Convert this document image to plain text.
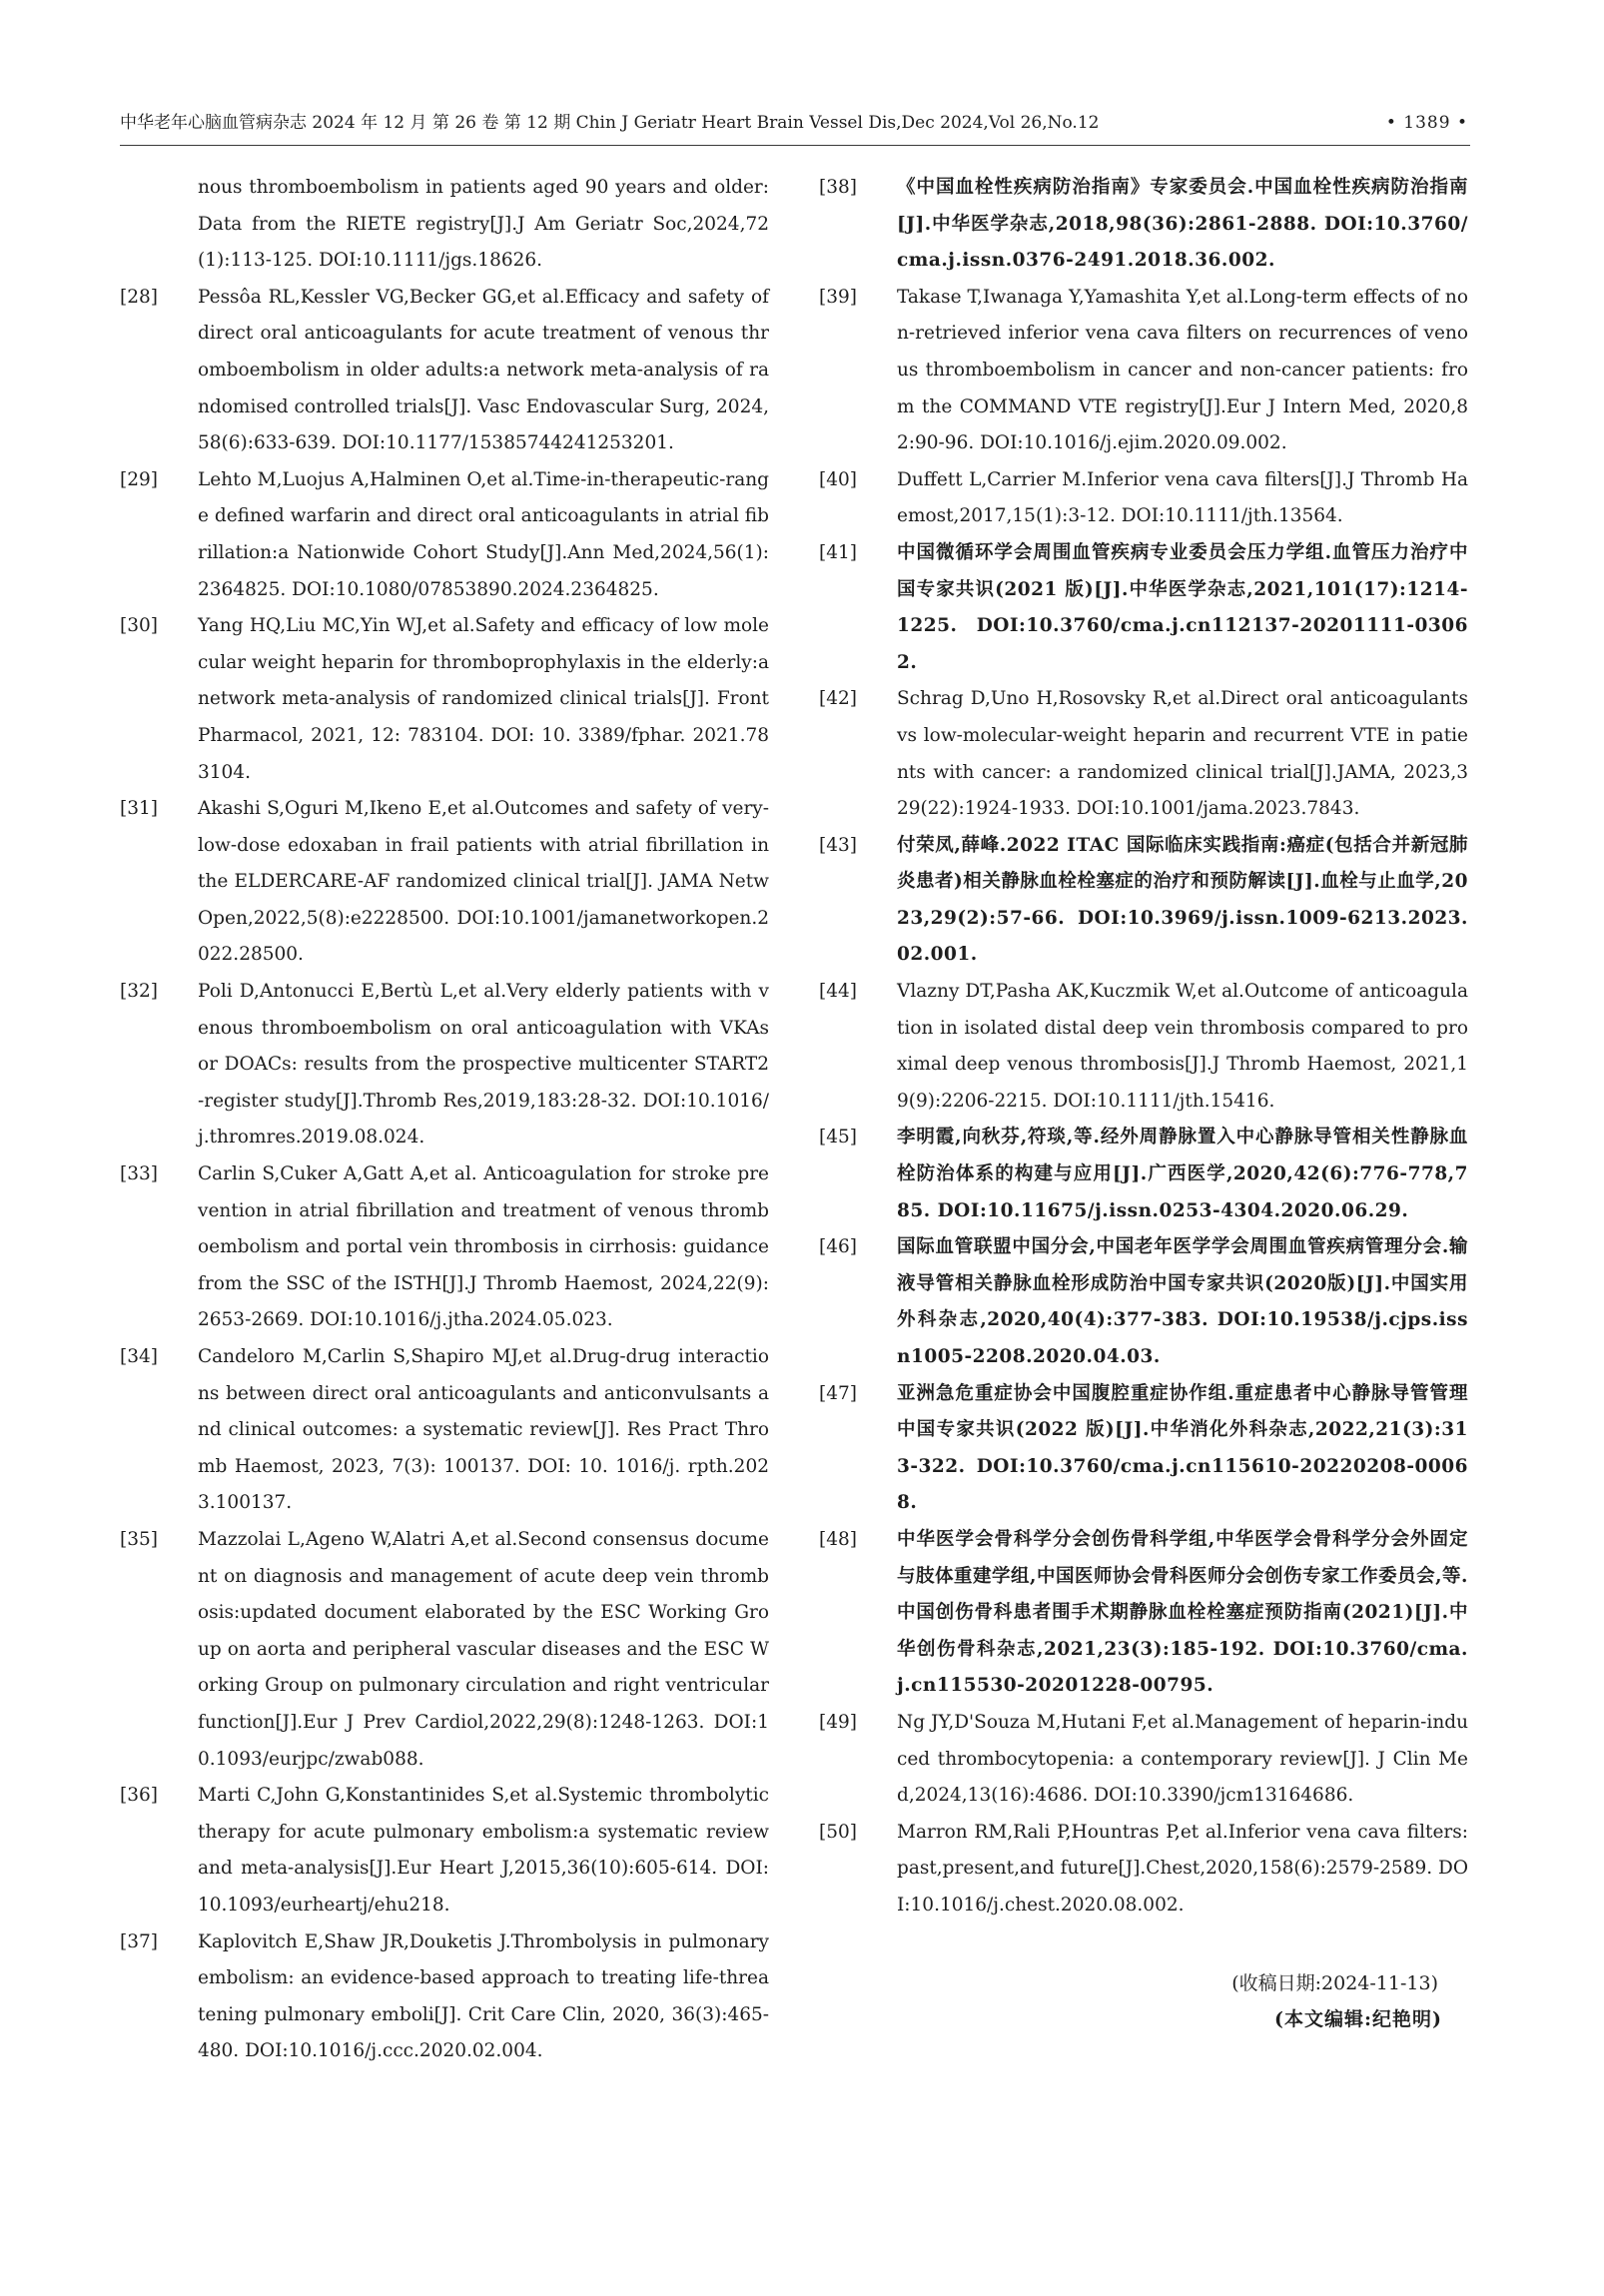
中华老年心脑血管病杂志 2024 年 12 月 第 26 卷 第 12 期 Chin J Geriatr Heart Brain Vessel Dis,Dec 2024,Vol 26,No.12	• 1389 •
nous thromboembolism in patients aged 90 years and older: Data from the RIETE registry[J].J Am Geriatr Soc,2024,72(1):113-125. DOI:10.1111/jgs.18626.
[28]	Pessôa RL,Kessler VG,Becker GG,et al.Efficacy and safety of direct oral anticoagulants for acute treatment of venous thromboembolism in older adults:a network meta-analysis of randomised controlled trials[J]. Vasc Endovascular Surg, 2024,58(6):633-639. DOI:10.1177/15385744241253201.
[29]	Lehto M,Luojus A,Halminen O,et al.Time-in-therapeutic-range defined warfarin and direct oral anticoagulants in atrial fibrillation:a Nationwide Cohort Study[J].Ann Med,2024,56(1):2364825. DOI:10.1080/07853890.2024.2364825.
[30]	Yang HQ,Liu MC,Yin WJ,et al.Safety and efficacy of low molecular weight heparin for thromboprophylaxis in the elderly:a network meta-analysis of randomized clinical trials[J]. Front Pharmacol, 2021, 12: 783104. DOI: 10. 3389/fphar. 2021.783104.
[31]	Akashi S,Oguri M,Ikeno E,et al.Outcomes and safety of very-low-dose edoxaban in frail patients with atrial fibrillation in the ELDERCARE-AF randomized clinical trial[J]. JAMA Netw Open,2022,5(8):e2228500. DOI:10.1001/jamanetworkopen.2022.28500.
[32]	Poli D,Antonucci E,Bertù L,et al.Very elderly patients with venous thromboembolism on oral anticoagulation with VKAs or DOACs: results from the prospective multicenter START2-register study[J].Thromb Res,2019,183:28-32. DOI:10.1016/j.thromres.2019.08.024.
[33]	Carlin S,Cuker A,Gatt A,et al. Anticoagulation for stroke prevention in atrial fibrillation and treatment of venous thromboembolism and portal vein thrombosis in cirrhosis: guidance from the SSC of the ISTH[J].J Thromb Haemost, 2024,22(9):2653-2669. DOI:10.1016/j.jtha.2024.05.023.
[34]	Candeloro M,Carlin S,Shapiro MJ,et al.Drug-drug interactions between direct oral anticoagulants and anticonvulsants and clinical outcomes: a systematic review[J]. Res Pract Thromb Haemost, 2023, 7(3): 100137. DOI: 10. 1016/j. rpth.2023.100137.
[35]	Mazzolai L,Ageno W,Alatri A,et al.Second consensus document on diagnosis and management of acute deep vein thrombosis:updated document elaborated by the ESC Working Group on aorta and peripheral vascular diseases and the ESC Working Group on pulmonary circulation and right ventricular function[J].Eur J Prev Cardiol,2022,29(8):1248-1263. DOI:10.1093/eurjpc/zwab088.
[36]	Marti C,John G,Konstantinides S,et al.Systemic thrombolytic therapy for acute pulmonary embolism:a systematic review and meta-analysis[J].Eur Heart J,2015,36(10):605-614. DOI:10.1093/eurheartj/ehu218.
[37]	Kaplovitch E,Shaw JR,Douketis J.Thrombolysis in pulmonary embolism: an evidence-based approach to treating life-threatening pulmonary emboli[J]. Crit Care Clin, 2020, 36(3):465-480. DOI:10.1016/j.ccc.2020.02.004.
[38]	《中国血栓性疾病防治指南》专家委员会.中国血栓性疾病防治指南[J].中华医学杂志,2018,98(36):2861-2888. DOI:10.3760/cma.j.issn.0376-2491.2018.36.002.
[39]	Takase T,Iwanaga Y,Yamashita Y,et al.Long-term effects of non-retrieved inferior vena cava filters on recurrences of venous thromboembolism in cancer and non-cancer patients: from the COMMAND VTE registry[J].Eur J Intern Med, 2020,82:90-96. DOI:10.1016/j.ejim.2020.09.002.
[40]	Duffett L,Carrier M.Inferior vena cava filters[J].J Thromb Haemost,2017,15(1):3-12. DOI:10.1111/jth.13564.
[41]	中国微循环学会周围血管疾病专业委员会压力学组.血管压力治疗中国专家共识(2021 版)[J].中华医学杂志,2021,101(17):1214-1225. DOI:10.3760/cma.j.cn112137-20201111-03062.
[42]	Schrag D,Uno H,Rosovsky R,et al.Direct oral anticoagulants vs low-molecular-weight heparin and recurrent VTE in patients with cancer: a randomized clinical trial[J].JAMA, 2023,329(22):1924-1933. DOI:10.1001/jama.2023.7843.
[43]	付荣凤,薛峰.2022 ITAC 国际临床实践指南:癌症(包括合并新冠肺炎患者)相关静脉血栓栓塞症的治疗和预防解读[J].血栓与止血学,2023,29(2):57-66. DOI:10.3969/j.issn.1009-6213.2023.02.001.
[44]	Vlazny DT,Pasha AK,Kuczmik W,et al.Outcome of anticoagulation in isolated distal deep vein thrombosis compared to proximal deep venous thrombosis[J].J Thromb Haemost, 2021,19(9):2206-2215. DOI:10.1111/jth.15416.
[45]	李明霞,向秋芬,符琰,等.经外周静脉置入中心静脉导管相关性静脉血栓防治体系的构建与应用[J].广西医学,2020,42(6):776-778,785. DOI:10.11675/j.issn.0253-4304.2020.06.29.
[46]	国际血管联盟中国分会,中国老年医学学会周围血管疾病管理分会.输液导管相关静脉血栓形成防治中国专家共识(2020版)[J].中国实用外科杂志,2020,40(4):377-383. DOI:10.19538/j.cjps.issn1005-2208.2020.04.03.
[47]	亚洲急危重症协会中国腹腔重症协作组.重症患者中心静脉导管管理中国专家共识(2022 版)[J].中华消化外科杂志,2022,21(3):313-322. DOI:10.3760/cma.j.cn115610-20220208-00068.
[48]	中华医学会骨科学分会创伤骨科学组,中华医学会骨科学分会外固定与肢体重建学组,中国医师协会骨科医师分会创伤专家工作委员会,等.中国创伤骨科患者围手术期静脉血栓栓塞症预防指南(2021)[J].中华创伤骨科杂志,2021,23(3):185-192. DOI:10.3760/cma.j.cn115530-20201228-00795.
[49]	Ng JY,D'Souza M,Hutani F,et al.Management of heparin-induced thrombocytopenia: a contemporary review[J]. J Clin Med,2024,13(16):4686. DOI:10.3390/jcm13164686.
[50]	Marron RM,Rali P,Hountras P,et al.Inferior vena cava filters:past,present,and future[J].Chest,2020,158(6):2579-2589. DOI:10.1016/j.chest.2020.08.002.
(收稿日期:2024-11-13)
(本文编辑:纪艳明)
